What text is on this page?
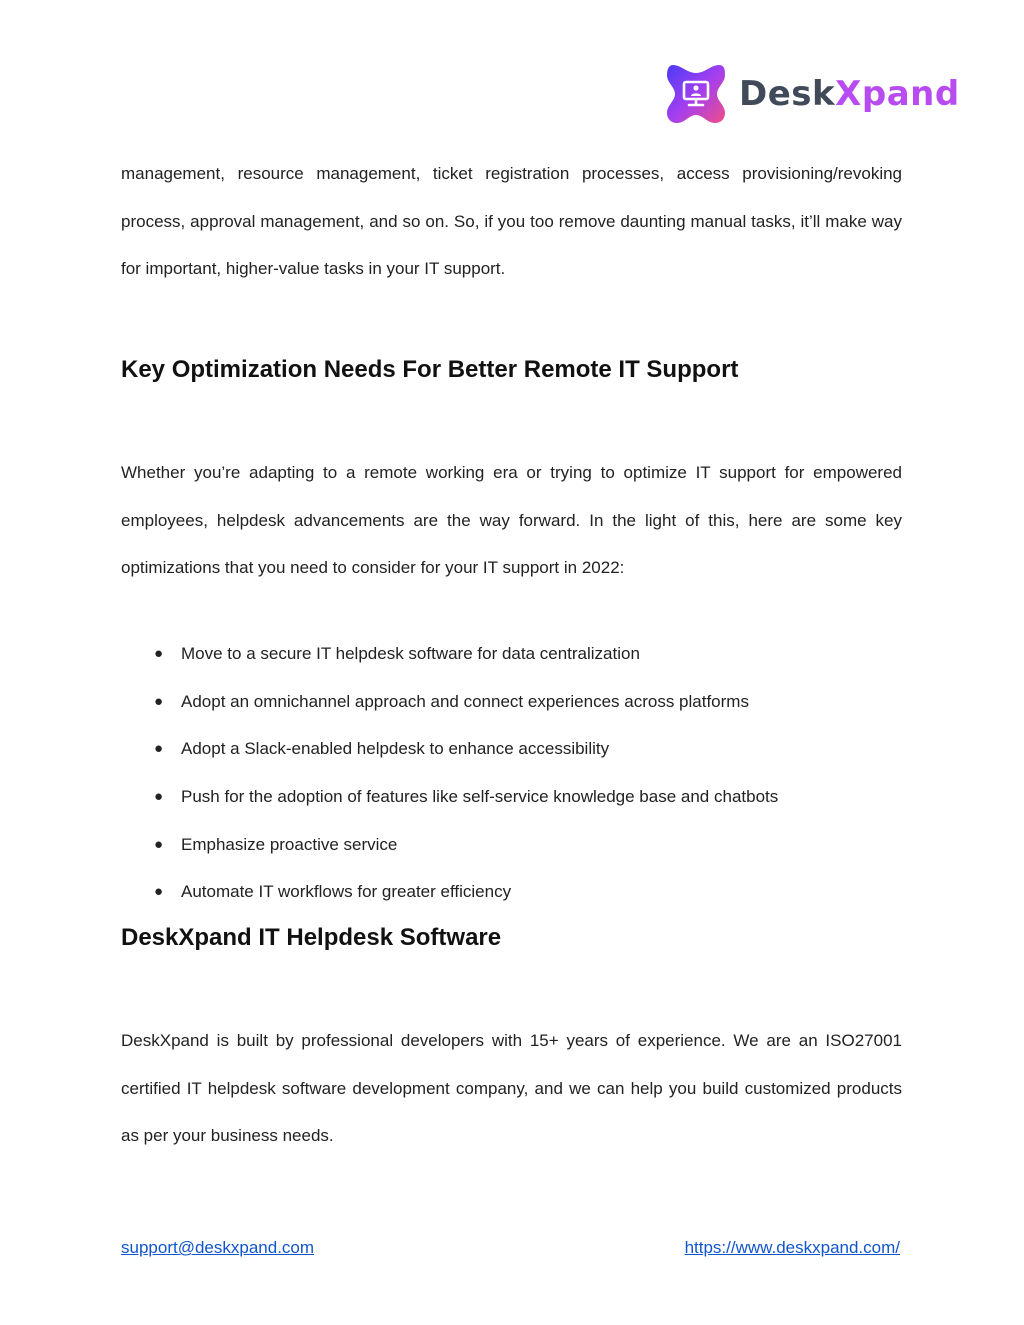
DeskXpand

management, resource management, ticket registration processes, access provisioning/revoking process, approval management, and so on. So, if you too remove daunting manual tasks, it’ll make way for important, higher-value tasks in your IT support.

Key Optimization Needs For Better Remote IT Support

Whether you’re adapting to a remote working era or trying to optimize IT support for empowered employees, helpdesk advancements are the way forward. In the light of this, here are some key optimizations that you need to consider for your IT support in 2022:

● Move to a secure IT helpdesk software for data centralization
● Adopt an omnichannel approach and connect experiences across platforms
● Adopt a Slack-enabled helpdesk to enhance accessibility
● Push for the adoption of features like self-service knowledge base and chatbots
● Emphasize proactive service
● Automate IT workflows for greater efficiency
DeskXpand IT Helpdesk Software

DeskXpand is built by professional developers with 15+ years of experience. We are an ISO27001 certified IT helpdesk software development company, and we can help you build customized products as per your business needs.

support@deskxpand.com	https://www.deskxpand.com/
